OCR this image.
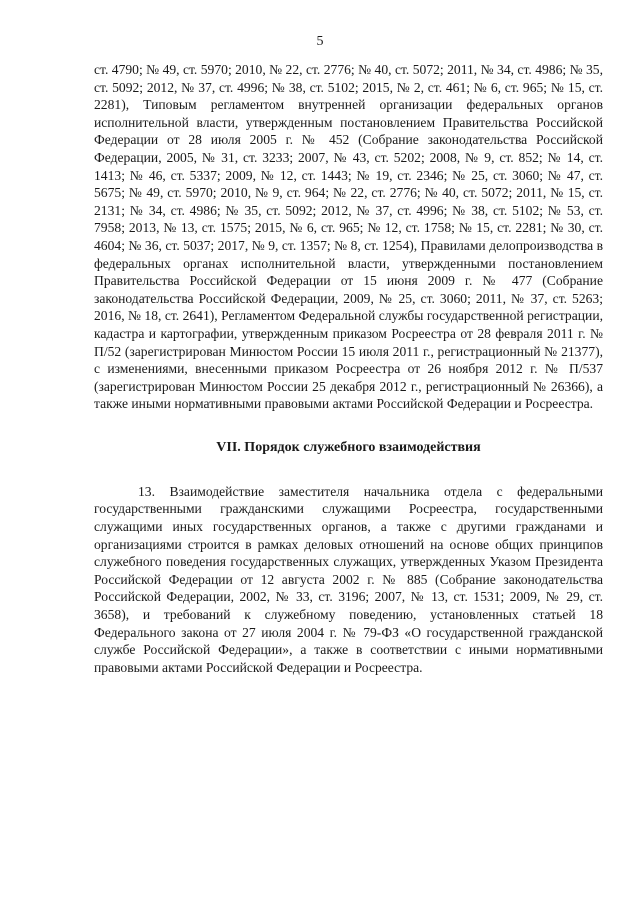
5

ст. 4790; № 49, ст. 5970; 2010, № 22, ст. 2776; № 40, ст. 5072; 2011, № 34, ст. 4986; № 35, ст. 5092; 2012, № 37, ст. 4996; № 38, ст. 5102; 2015, № 2, ст. 461; № 6, ст. 965; № 15, ст. 2281), Типовым регламентом внутренней организации федеральных органов исполнительной власти, утвержденным постановлением Правительства Российской Федерации от 28 июля 2005 г. № 452 (Собрание законодательства Российской Федерации, 2005, № 31, ст. 3233; 2007, № 43, ст. 5202; 2008, № 9, ст. 852; № 14, ст. 1413; № 46, ст. 5337; 2009, № 12, ст. 1443; № 19, ст. 2346; № 25, ст. 3060; № 47, ст. 5675; № 49, ст. 5970; 2010, № 9, ст. 964; № 22, ст. 2776; № 40, ст. 5072; 2011, № 15, ст. 2131; № 34, ст. 4986; № 35, ст. 5092; 2012, № 37, ст. 4996; № 38, ст. 5102; № 53, ст. 7958; 2013, № 13, ст. 1575; 2015, № 6, ст. 965; № 12, ст. 1758; № 15, ст. 2281; № 30, ст. 4604; № 36, ст. 5037; 2017, № 9, ст. 1357; № 8, ст. 1254), Правилами делопроизводства в федеральных органах исполнительной власти, утвержденными постановлением Правительства Российской Федерации от 15 июня 2009 г. № 477 (Собрание законодательства Российской Федерации, 2009, № 25, ст. 3060; 2011, № 37, ст. 5263; 2016, № 18, ст. 2641), Регламентом Федеральной службы государственной регистрации, кадастра и картографии, утвержденным приказом Росреестра от 28 февраля 2011 г. № П/52 (зарегистрирован Минюстом России 15 июля 2011 г., регистрационный № 21377), с изменениями, внесенными приказом Росреестра от 26 ноября 2012 г. № П/537 (зарегистрирован Минюстом России 25 декабря 2012 г., регистрационный № 26366), а также иными нормативными правовыми актами Российской Федерации и Росреестра.

VII. Порядок служебного взаимодействия

13. Взаимодействие заместителя начальника отдела с федеральными государственными гражданскими служащими Росреестра, государственными служащими иных государственных органов, а также с другими гражданами и организациями строится в рамках деловых отношений на основе общих принципов служебного поведения государственных служащих, утвержденных Указом Президента Российской Федерации от 12 августа 2002 г. № 885 (Собрание законодательства Российской Федерации, 2002, № 33, ст. 3196; 2007, № 13, ст. 1531; 2009, № 29, ст. 3658), и требований к служебному поведению, установленных статьей 18 Федерального закона от 27 июля 2004 г. № 79-ФЗ «О государственной гражданской службе Российской Федерации», а также в соответствии с иными нормативными правовыми актами Российской Федерации и Росреестра.
